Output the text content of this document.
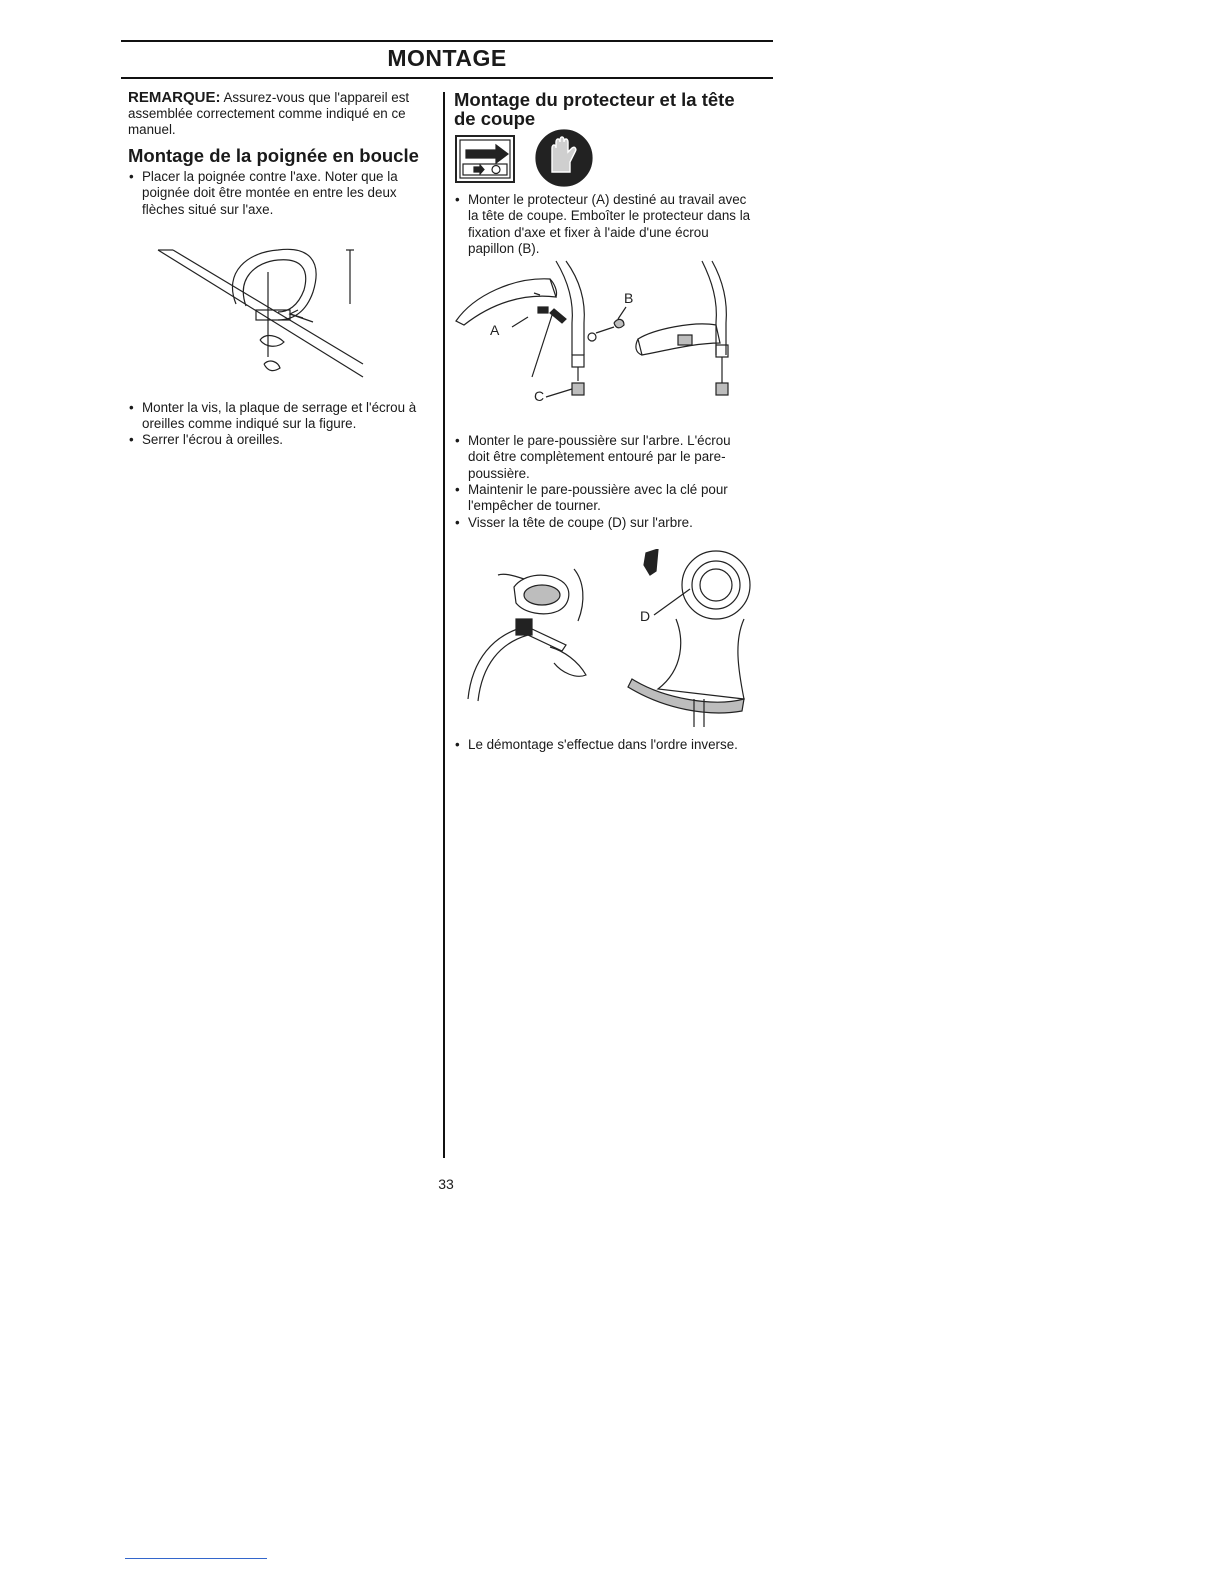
MONTAGE

REMARQUE: Assurez-vous que l'appareil est assemblée correctement comme indiqué en ce manuel.

Montage de la poignée en boucle
• Placer la poignée contre l'axe. Noter que la poignée doit être montée en entre les deux flèches situé sur l'axe.
• Monter la vis, la plaque de serrage et l'écrou à oreilles comme indiqué sur la figure.
• Serrer l'écrou à oreilles.
Montage du protecteur et la tête de coupe
• Monter le protecteur (A) destiné au travail avec la tête de coupe. Emboîter le protecteur dans la fixation d'axe et fixer à l'aide d'une écrou papillon (B).
A
B
C
• Monter le pare-poussière sur l'arbre. L'écrou doit être complètement entouré par le pare-poussière.
• Maintenir le pare-poussière avec la clé pour l'empêcher de tourner.
• Visser la tête de coupe (D) sur l'arbre.
D
• Le démontage s'effectue dans l'ordre inverse.
33
